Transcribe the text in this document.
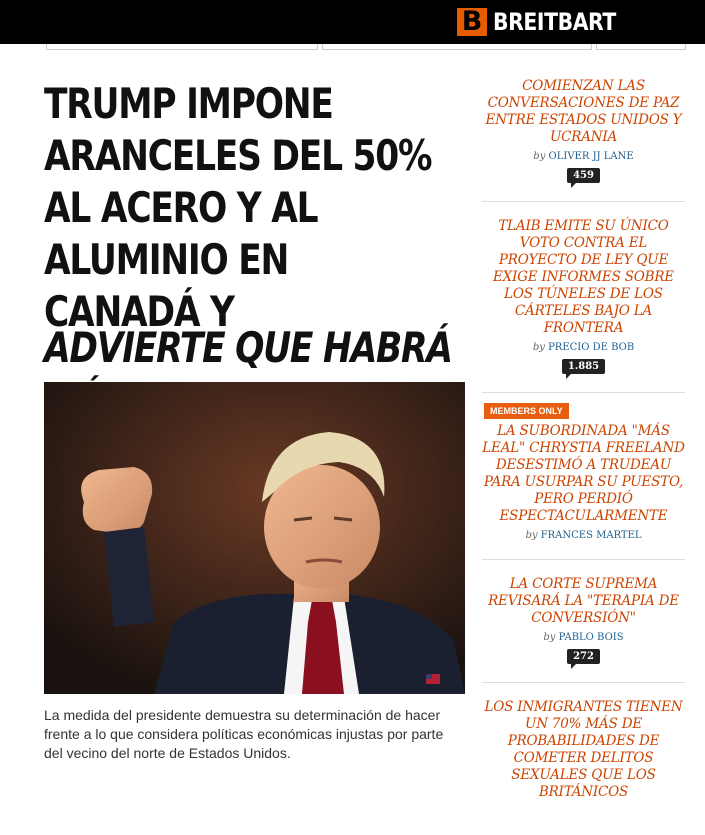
B BREITBART
TRUMP IMPONE ARANCELES DEL 50% AL ACERO Y AL ALUMINIO EN CANADÁ Y
ADVIERTE QUE HABRÁ

La medida del presidente demuestra su determinación de hacer frente a lo que considera políticas económicas injustas por parte del vecino del norte de Estados Unidos.

COMIENZAN LAS CONVERSACIONES DE PAZ ENTRE ESTADOS UNIDOS Y UCRANIA
by OLIVER JJ LANE
459
TLAIB EMITE SU ÚNICO VOTO CONTRA EL PROYECTO DE LEY QUE EXIGE INFORMES SOBRE LOS TÚNELES DE LOS CÁRTELES BAJO LA FRONTERA
by PRECIO DE BOB
1.885
MEMBERS ONLY
LA SUBORDINADA "MÁS LEAL" CHRYSTIA FREELAND DESESTIMÓ A TRUDEAU PARA USURPAR SU PUESTO, PERO PERDIÓ ESPECTACULARMENTE
by FRANCES MARTEL
LA CORTE SUPREMA REVISARÁ LA "TERAPIA DE CONVERSIÓN"
by PABLO BOIS
272
LOS INMIGRANTES TIENEN UN 70% MÁS DE PROBABILIDADES DE COMETER DELITOS SEXUALES QUE LOS BRITÁNICOS
